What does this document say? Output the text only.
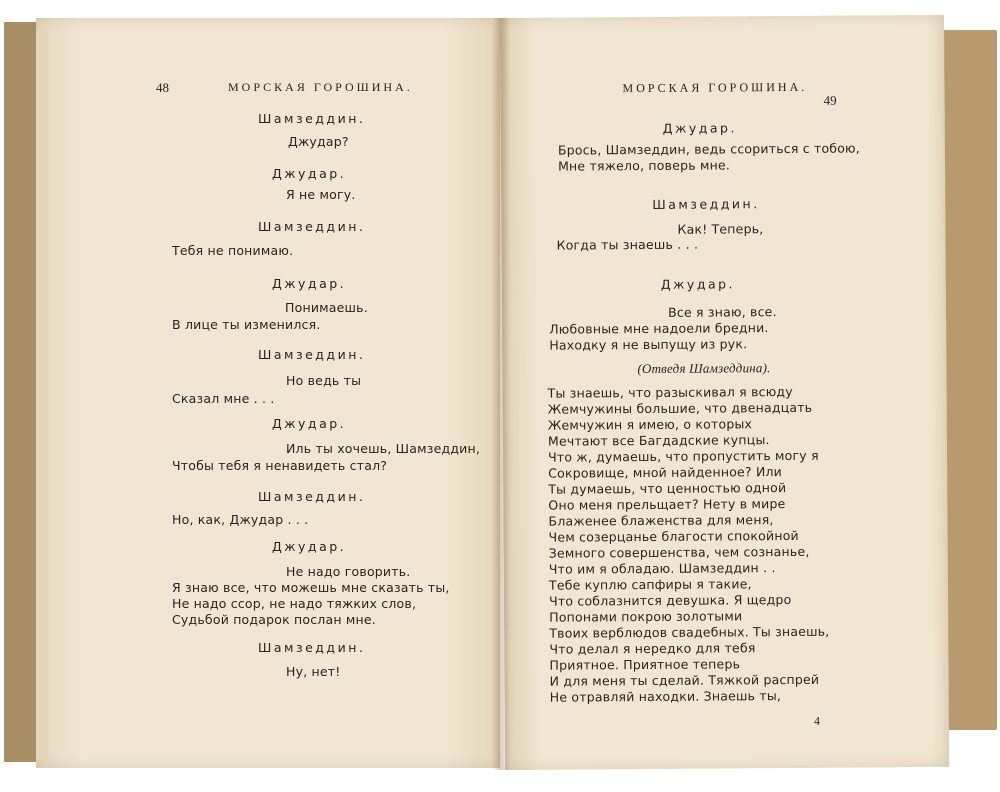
49
МОРСКАЯ ГОРОШИНА.
Джудар.
Брось, Шамзеддин, ведь ссориться с тобою,
Мне тяжело, поверь мне.
Шамзеддин.
Как! Теперь,
Когда ты знаешь . . .
Джудар.
Все я знаю, все.
Любовные мне надоели бредни.
Находку я не выпущу из рук.
(Отведя Шамзеддина).
Ты знаешь, что разыскивал я всюду
Жемчужины большие, что двенадцать
Жемчужин я имею, о которых
Мечтают все Багдадские купцы.
Что ж, думаешь, что пропустить могу я
Сокровище, мной найденное? Или
Ты думаешь, что ценностью одной
Оно меня прельщает? Нету в мире
Блаженее блаженства для меня,
Чем созерцанье благости спокойной
Земного совершенства, чем сознанье,
Что им я обладаю. Шамзеддин . .
Тебе куплю сапфиры я такие,
Что соблазнится девушка. Я щедро
Попонами покрою золотыми
Твоих верблюдов свадебных. Ты знаешь,
Что делал я нередко для тебя
Приятное. Приятное теперь
И для меня ты сделай. Тяжкой распрей
Не отравляй находки. Знаешь ты,
4
48	МОРСКАЯ ГОРОШИНА.
Шамзеддин.
Джудар?
Джудар.
Я не могу.
Шамзеддин.
Тебя не понимаю.
Джудар.
Понимаешь.
В лице ты изменился.
Шамзеддин.
Но ведь ты
Сказал мне . . .
Джудар.
Иль ты хочешь, Шамзеддин,
Чтобы тебя я ненавидеть стал?
Шамзеддин.
Но, как, Джудар . . .
Джудар.
Не надо говорить.
Я знаю все, что можешь мне сказать ты,
Не надо ссор, не надо тяжких слов,
Судьбой подарок послан мне.
Шамзеддин.
Ну, нет!
